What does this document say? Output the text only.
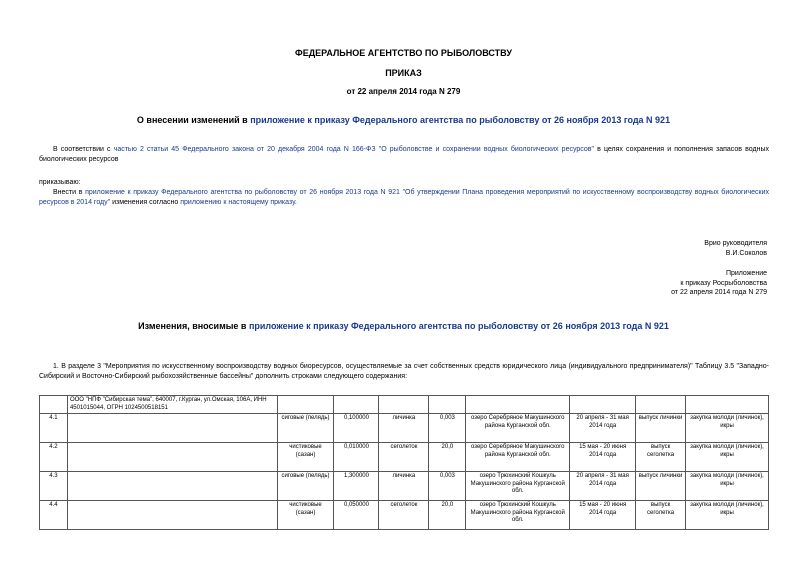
ФЕДЕРАЛЬНОЕ АГЕНТСТВО ПО РЫБОЛОВСТВУ
ПРИКАЗ
от 22 апреля 2014 года N 279
О внесении изменений в приложение к приказу Федерального агентства по рыболовству от 26 ноября 2013 года N 921
В соответствии с частью 2 статьи 45 Федерального закона от 20 декабря 2004 года N 166-ФЗ "О рыболовстве и сохранении водных биологических ресурсов" в целях сохранения и пополнения запасов водных биологических ресурсов
приказываю:
Внести в приложение к приказу Федерального агентства по рыболовству от 26 ноября 2013 года N 921 "Об утверждении Плана проведения мероприятий по искусственному воспроизводству водных биологических ресурсов в 2014 году" изменения согласно приложению к настоящему приказу.
Врио руководителя
В.И.Соколов
Приложение
к приказу Росрыболовства
от 22 апреля 2014 года N 279
Изменения, вносимые в приложение к приказу Федерального агентства по рыболовству от 26 ноября 2013 года N 921
1. В разделе 3 "Мероприятия по искусственному воспроизводству водных биоресурсов, осуществляемые за счет собственных средств юридического лица (индивидуального предпринимателя)" Таблицу 3.5 "Западно-Сибирский и Восточно-Сибирский рыбохозяйственные бассейны" дополнить строками следующего содержания:
	ООО "НПФ "Сибирская тема", 640007, г.Курган, ул.Омская, 106А, ИНН 4501015044, ОГРН 1024500518151								
4.1		сиговые (пелядь)	0,100000	личинка	0,003	озеро Серебряное Макушинского района Курганской обл.	20 апреля - 31 мая 2014 года	выпуск личинки	закупка молоди (личинок), икры
4.2		чистиковые (сазан)	0,010000	сеголеток	20,0	озеро Серебряное Макушинского района Курганской обл.	15 мая - 20 июня 2014 года	выпуск сеголетка	закупка молоди (личинок), икры
4.3		сиговые (пелядь)	1,300000	личинка	0,003	озеро Трюхинский Кошкуль Макушинского района Курганской обл.	20 апреля - 31 мая 2014 года	выпуск личинки	закупка молоди (личинок), икры
4.4		чистиковые (сазан)	0,050000	сеголеток	20,0	озеро Трюхинский Кошкуль Макушинского района Курганской обл.	15 мая - 20 июня 2014 года	выпуск сеголетка	закупка молоди (личинок), икры
